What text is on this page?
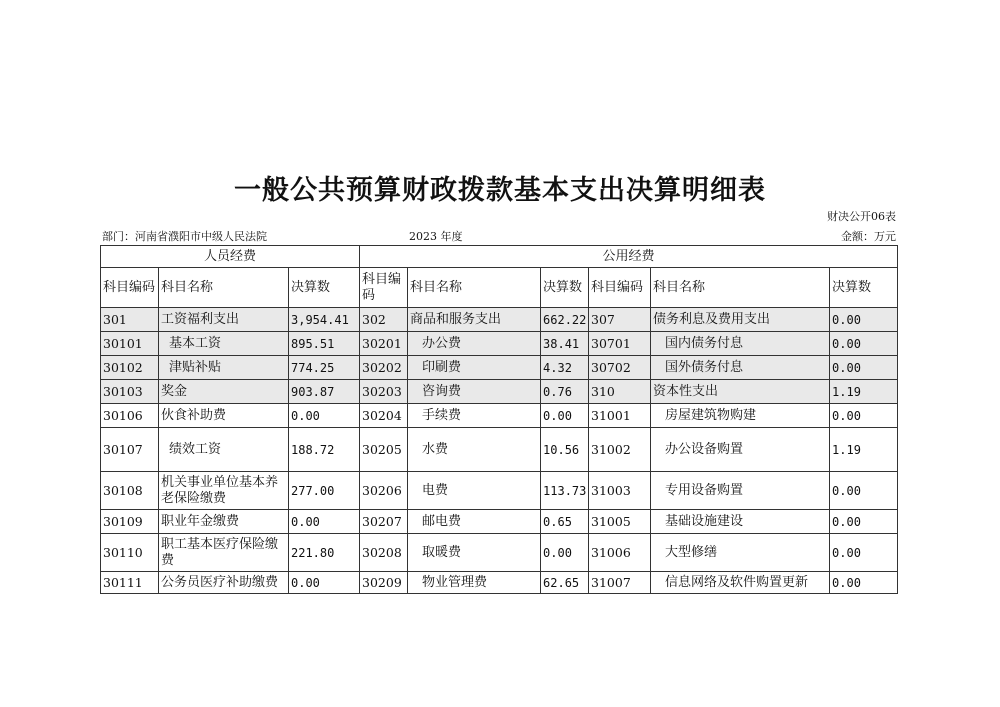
一般公共预算财政拨款基本支出决算明细表
财决公开06表
部门：河南省濮阳市中级人民法院	2023 年度	金额：万元
人员经费			公用经费					
科目编码	科目名称	决算数	科目编码	科目名称	决算数	科目编码	科目名称	决算数
301	工资福利支出	3,954.41	302	商品和服务支出	662.22	307	债务利息及费用支出	0.00
30101	基本工资	895.51	30201	办公费	38.41	30701	国内债务付息	0.00
30102	津贴补贴	774.25	30202	印刷费	4.32	30702	国外债务付息	0.00
30103	奖金	903.87	30203	咨询费	0.76	310	资本性支出	1.19
30106	伙食补助费	0.00	30204	手续费	0.00	31001	房屋建筑物购建	0.00
30107	绩效工资	188.72	30205	水费	10.56	31002	办公设备购置	1.19
30108	机关事业单位基本养老保险缴费	277.00	30206	电费	113.73	31003	专用设备购置	0.00
30109	职业年金缴费	0.00	30207	邮电费	0.65	31005	基础设施建设	0.00
30110	职工基本医疗保险缴费	221.80	30208	取暖费	0.00	31006	大型修缮	0.00
30111	公务员医疗补助缴费	0.00	30209	物业管理费	62.65	31007	信息网络及软件购置更新	0.00
